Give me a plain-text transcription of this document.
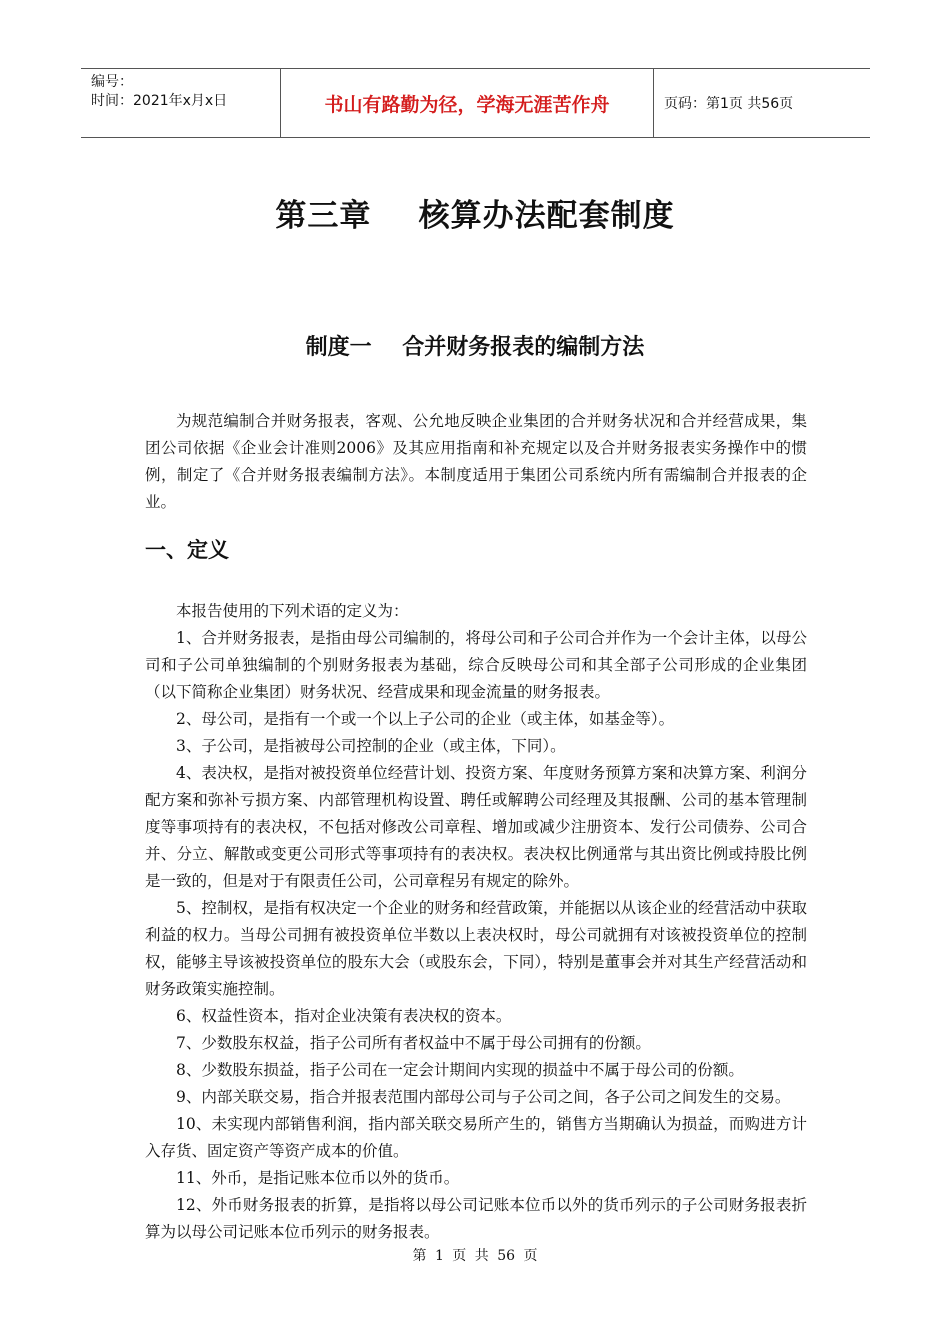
编号：
时间：2021年x月x日	书山有路勤为径，学海无涯苦作舟	页码：第1页 共56页
第三章    核算办法配套制度
制度一    合并财务报表的编制方法

为规范编制合并财务报表，客观、公允地反映企业集团的合并财务状况和合并经营成果，集团公司依据《企业会计准则2006》及其应用指南和补充规定以及合并财务报表实务操作中的惯例，制定了《合并财务报表编制方法》。本制度适用于集团公司系统内所有需编制合并报表的企业。

一、定义

本报告使用的下列术语的定义为：

1、合并财务报表，是指由母公司编制的，将母公司和子公司合并作为一个会计主体，以母公司和子公司单独编制的个别财务报表为基础，综合反映母公司和其全部子公司形成的企业集团（以下简称企业集团）财务状况、经营成果和现金流量的财务报表。

2、母公司，是指有一个或一个以上子公司的企业（或主体，如基金等）。

3、子公司，是指被母公司控制的企业（或主体，下同）。

4、表决权，是指对被投资单位经营计划、投资方案、年度财务预算方案和决算方案、利润分配方案和弥补亏损方案、内部管理机构设置、聘任或解聘公司经理及其报酬、公司的基本管理制度等事项持有的表决权，不包括对修改公司章程、增加或减少注册资本、发行公司债券、公司合并、分立、解散或变更公司形式等事项持有的表决权。表决权比例通常与其出资比例或持股比例是一致的，但是对于有限责任公司，公司章程另有规定的除外。

5、控制权，是指有权决定一个企业的财务和经营政策，并能据以从该企业的经营活动中获取利益的权力。当母公司拥有被投资单位半数以上表决权时，母公司就拥有对该被投资单位的控制权，能够主导该被投资单位的股东大会（或股东会，下同），特别是董事会并对其生产经营活动和财务政策实施控制。

6、权益性资本，指对企业决策有表决权的资本。

7、少数股东权益，指子公司所有者权益中不属于母公司拥有的份额。

8、少数股东损益，指子公司在一定会计期间内实现的损益中不属于母公司的份额。

9、内部关联交易，指合并报表范围内部母公司与子公司之间，各子公司之间发生的交易。

10、未实现内部销售利润，指内部关联交易所产生的，销售方当期确认为损益，而购进方计入存货、固定资产等资产成本的价值。

11、外币，是指记账本位币以外的货币。

12、外币财务报表的折算，是指将以母公司记账本位币以外的货币列示的子公司财务报表折算为以母公司记账本位币列示的财务报表。

第 1 页 共 56 页
